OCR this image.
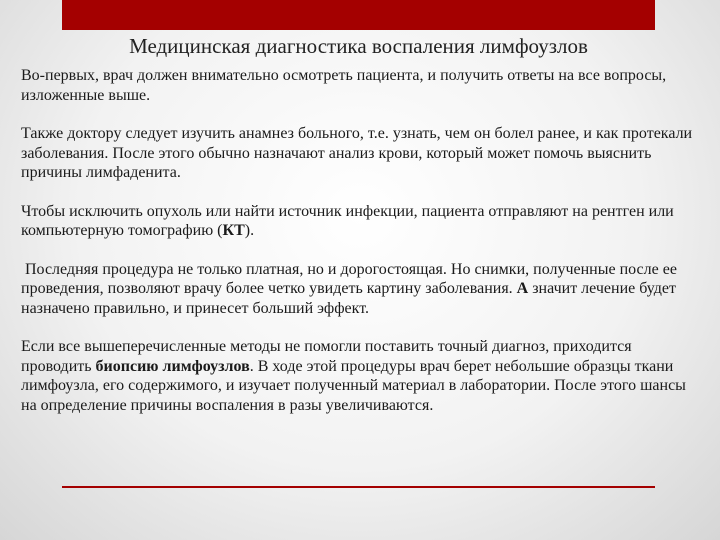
Медицинская диагностика воспаления лимфоузлов

Во-первых, врач должен внимательно осмотреть пациента, и получить ответы на все вопросы, изложенные выше.

Также доктору следует изучить анамнез больного, т.е. узнать, чем он болел ранее, и как протекали заболевания. После этого обычно назначают анализ крови, который может помочь выяснить причины лимфаденита.

Чтобы исключить опухоль или найти источник инфекции, пациента отправляют на рентген или компьютерную томографию (КТ).

Последняя процедура не только платная, но и дорогостоящая. Но снимки, полученные после ее проведения, позволяют врачу более четко увидеть картину заболевания. А значит лечение будет назначено правильно, и принесет больший эффект.

Если все вышеперечисленные методы не помогли поставить точный диагноз, приходится проводить биопсию лимфоузлов. В ходе этой процедуры врач берет небольшие образцы ткани лимфоузла, его содержимого, и изучает полученный материал в лаборатории. После этого шансы на определение причины воспаления в разы увеличиваются.
